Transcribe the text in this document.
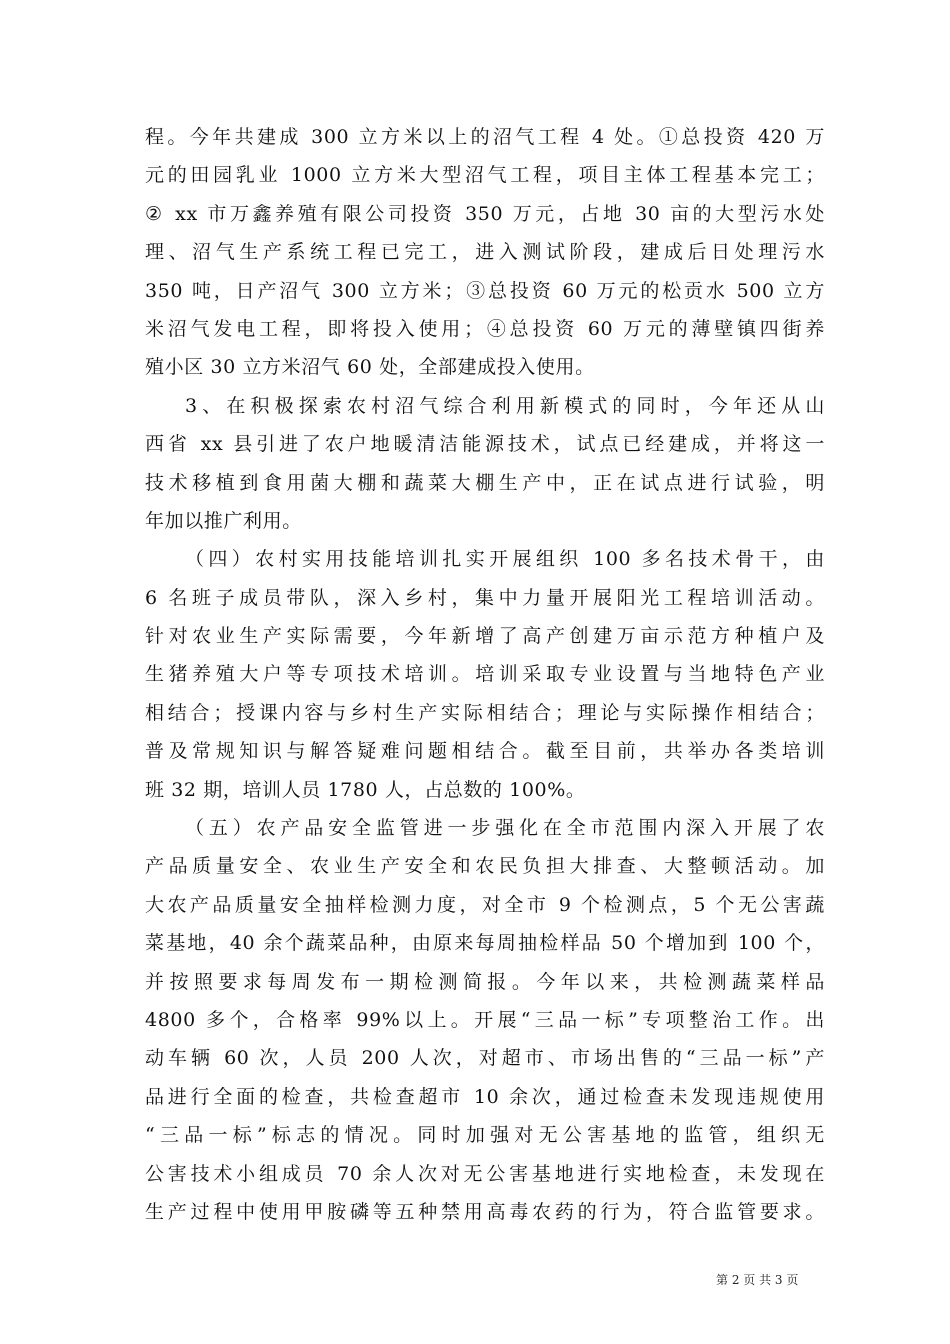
程。今年共建成 300 立方米以上的沼气工程 4 处。①总投资 420 万
元的田园乳业 1000 立方米大型沼气工程，项目主体工程基本完工；
② xx 市万鑫养殖有限公司投资 350 万元，占地 30 亩的大型污水处
理、沼气生产系统工程已完工，进入测试阶段，建成后日处理污水
350 吨，日产沼气 300 立方米；③总投资 60 万元的松贡水 500 立方
米沼气发电工程，即将投入使用；④总投资 60 万元的薄壁镇四街养
殖小区 30 立方米沼气 60 处，全部建成投入使用。

3、在积极探索农村沼气综合利用新模式的同时，今年还从山
西省 xx 县引进了农户地暖清洁能源技术，试点已经建成，并将这一
技术移植到食用菌大棚和蔬菜大棚生产中，正在试点进行试验，明
年加以推广利用。

（四）农村实用技能培训扎实开展组织 100 多名技术骨干，由
6 名班子成员带队，深入乡村，集中力量开展阳光工程培训活动。
针对农业生产实际需要，今年新增了高产创建万亩示范方种植户及
生猪养殖大户等专项技术培训。培训采取专业设置与当地特色产业
相结合；授课内容与乡村生产实际相结合；理论与实际操作相结合；
普及常规知识与解答疑难问题相结合。截至目前，共举办各类培训
班 32 期，培训人员 1780 人，占总数的 100%。

（五）农产品安全监管进一步强化在全市范围内深入开展了农
产品质量安全、农业生产安全和农民负担大排查、大整顿活动。加
大农产品质量安全抽样检测力度，对全市 9 个检测点，5 个无公害蔬
菜基地，40 余个蔬菜品种，由原来每周抽检样品 50 个增加到 100 个，
并按照要求每周发布一期检测简报。今年以来，共检测蔬菜样品
4800 多个，合格率 99%以上。开展“三品一标”专项整治工作。出
动车辆 60 次，人员 200 人次，对超市、市场出售的“三品一标”产
品进行全面的检查，共检查超市 10 余次，通过检查未发现违规使用
“三品一标”标志的情况。同时加强对无公害基地的监管，组织无
公害技术小组成员 70 余人次对无公害基地进行实地检查，未发现在
生产过程中使用甲胺磷等五种禁用高毒农药的行为，符合监管要求。

第 2 页 共 3 页
